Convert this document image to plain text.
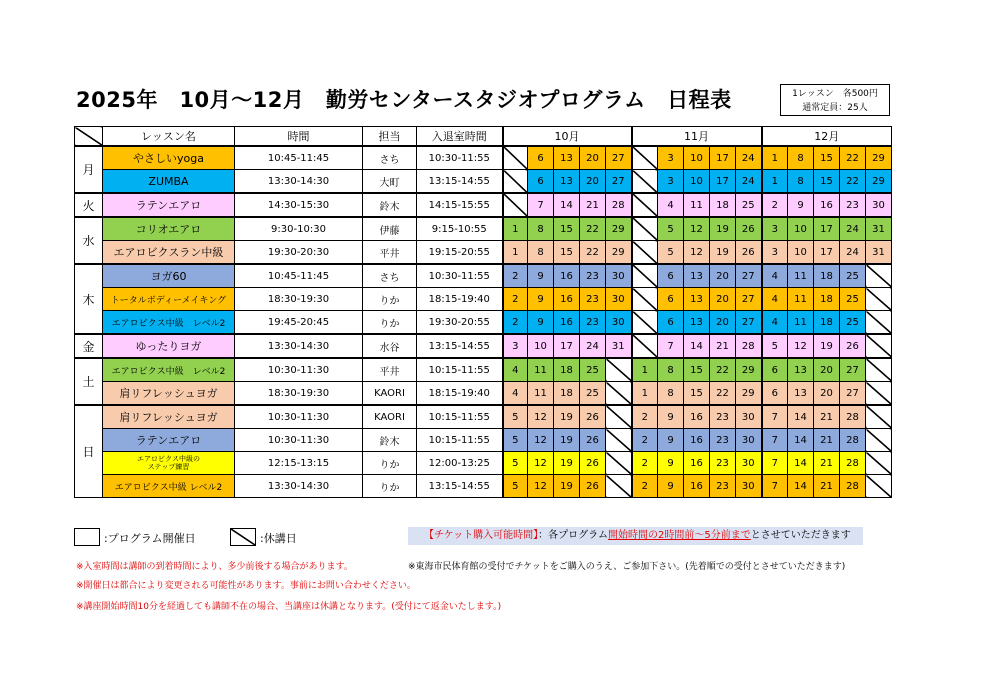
2025年　10月～12月　勤労センタースタジオプログラム　日程表	1レッスン　各500円
通常定員：25人
	レッスン名	時間	担当	入退室時間	10月					11月					12月				
月	やさしいyoga	10:45-11:45	さち	10:30-11:55		6	13	20	27		3	10	17	24	1	8	15	22	29
	ZUMBA	13:30-14:30	大町	13:15-14:55		6	13	20	27		3	10	17	24	1	8	15	22	29
火	ラテンエアロ	14:30-15:30	鈴木	14:15-15:55		7	14	21	28		4	11	18	25	2	9	16	23	30
水	コリオエアロ	9:30-10:30	伊藤	9:15-10:55	1	8	15	22	29		5	12	19	26	3	10	17	24	31
	エアロビクスラン中級	19:30-20:30	平井	19:15-20:55	1	8	15	22	29		5	12	19	26	3	10	17	24	31
木	ヨガ60	10:45-11:45	さち	10:30-11:55	2	9	16	23	30		6	13	20	27	4	11	18	25	
	トータルボディーメイキング	18:30-19:30	りか	18:15-19:40	2	9	16	23	30		6	13	20	27	4	11	18	25	
	エアロビクス中級　レベル2	19:45-20:45	りか	19:30-20:55	2	9	16	23	30		6	13	20	27	4	11	18	25	
金	ゆったりヨガ	13:30-14:30	水谷	13:15-14:55	3	10	17	24	31		7	14	21	28	5	12	19	26	
土	エアロビクス中級　レベル2	10:30-11:30	平井	10:15-11:55	4	11	18	25		1	8	15	22	29	6	13	20	27	
	肩リフレッシュヨガ	18:30-19:30	KAORI	18:15-19:40	4	11	18	25		1	8	15	22	29	6	13	20	27	
日	肩リフレッシュヨガ	10:30-11:30	KAORI	10:15-11:55	5	12	19	26		2	9	16	23	30	7	14	21	28	
	ラテンエアロ	10:30-11:30	鈴木	10:15-11:55	5	12	19	26		2	9	16	23	30	7	14	21	28	
	エアロビクス中級の
ステップ練習	12:15-13:15	りか	12:00-13:25	5	12	19	26		2	9	16	23	30	7	14	21	28	
	エアロビクス中級 レベル2	13:30-14:30	りか	13:15-14:55	5	12	19	26		2	9	16	23	30	7	14	21	28	
:プログラム開催日	:休講日	【チケット購入可能時間】：各プログラム開始時間の2時間前～5分前までとさせていただきます
※入室時間は講師の到着時間により、多少前後する場合があります。	※東海市民体育館の受付でチケットをご購入のうえ、ご参加下さい。(先着順での受付とさせていただきます)
※開催日は都合により変更される可能性があります。事前にお問い合わせください。
※講座開始時間10分を経過しても講師不在の場合、当講座は休講となります。(受付にて返金いたします。)
